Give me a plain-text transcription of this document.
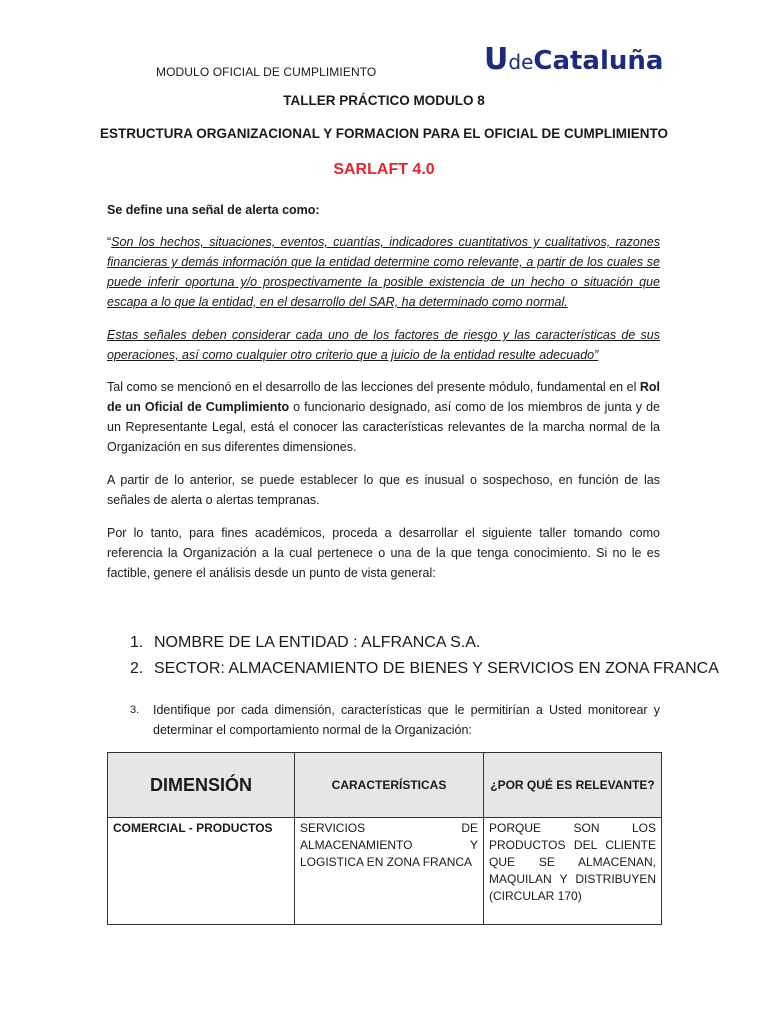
MODULO OFICIAL DE CUMPLIMIENTO	UdeCataluña
TALLER PRÁCTICO MODULO 8
ESTRUCTURA ORGANIZACIONAL Y FORMACION PARA EL OFICIAL DE CUMPLIMIENTO
SARLAFT 4.0
Se define una señal de alerta como:
“Son los hechos, situaciones, eventos, cuantías, indicadores cuantitativos y cualitativos, razones financieras y demás información que la entidad determine como relevante, a partir de los cuales se puede inferir oportuna y/o prospectivamente la posible existencia de un hecho o situación que escapa a lo que la entidad, en el desarrollo del SAR, ha determinado como normal.
Estas señales deben considerar cada uno de los factores de riesgo y las características de sus operaciones, así como cualquier otro criterio que a juicio de la entidad resulte adecuado”
Tal como se mencionó en el desarrollo de las lecciones del presente módulo, fundamental en el Rol de un Oficial de Cumplimiento o funcionario designado, así como de los miembros de junta y de un Representante Legal, está el conocer las características relevantes de la marcha normal de la Organización en sus diferentes dimensiones.
A partir de lo anterior, se puede establecer lo que es inusual o sospechoso, en función de las señales de alerta o alertas tempranas.
Por lo tanto, para fines académicos, proceda a desarrollar el siguiente taller tomando como referencia la Organización a la cual pertenece o una de la que tenga conocimiento. Si no le es factible, genere el análisis desde un punto de vista general:
1. NOMBRE DE LA ENTIDAD : ALFRANCA S.A.
2. SECTOR: ALMACENAMIENTO DE BIENES Y SERVICIOS EN ZONA FRANCA
3. Identifique por cada dimensión, características que le permitirían a Usted monitorear y determinar el comportamiento normal de la Organización:
DIMENSIÓN	CARACTERÍSTICAS	¿POR QUÉ ES RELEVANTE?
COMERCIAL - PRODUCTOS	SERVICIOS DE ALMACENAMIENTO Y LOGISTICA EN ZONA FRANCA	PORQUE SON LOS PRODUCTOS DEL CLIENTE QUE SE ALMACENAN, MAQUILAN Y DISTRIBUYEN (CIRCULAR 170)
